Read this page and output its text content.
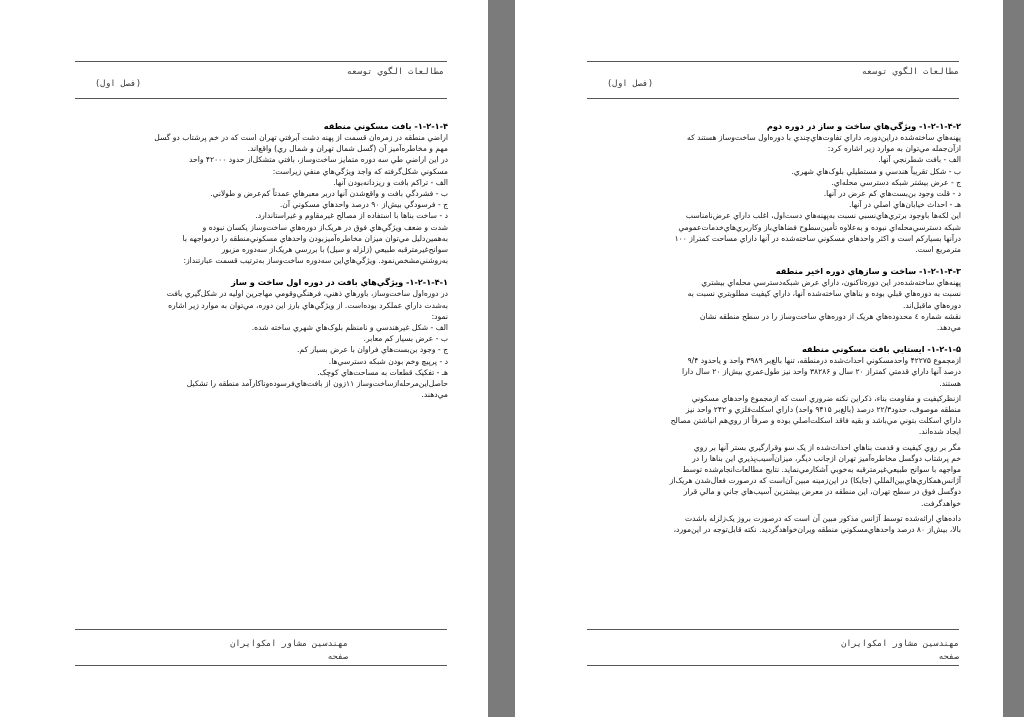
مطالعات الگوي توسعه
(فصل اول)
۱-۲-۱-۴- بافت مسکوني منطقه

اراضي منطقه در زمره‌ان قسمت از پهنه دشت آبرفتي تهران است که در خم پرشتاب دو گسل

مهم و مخاطره‌آميز آن (گسل شمال تهران و شمال ري) واقع‌اند.

در اين اراضي طي سه دوره متمايز ساخت‌وساز، بافتي متشکل‌از حدود ۴۲۰۰۰ واحد

مسکوني شکل‌گرفته که واجد ويژگي‌هاي منفي زيراست:

الف - تراکم بافت و ريزدانه‌بودن آنها.

ب - فشردگي بافت و واقع‌شدن آنها دربر معبرهاي عمدتاً کم‌عرض و طولاني.

ج - فرسودگي بيش‌از ۹۰ درصد واحدهاي مسکوني آن.

د - ساخت بناها با استفاده از مصالح غيرمقاوم و غيراستاندارد.

شدت و ضعف ويژگي‌هاي فوق در هريک‌از دوره‌هاي ساخت‌وساز يکسان نبوده و

به‌همين‌دليل مي‌توان ميزان مخاطره‌آميزبودن واحدهاي مسکوني‌منطقه را درمواجهه با

سوانح‌غيرمترقبه طبيعي (زلزله و سيل) با بررسي هريک‌از سه‌دوره مزبور

به‌روشني‌مشخص‌نمود. ويژگي‌هاي‌اين سه‌دوره ساخت‌وساز به‌ترتيب قسمت عبارتنداز:

۱-۲-۱-۴-۱- ويژگي‌هاي بافت در دوره اول ساخت و ساز

در دوره‌اول ساخت‌وساز، باورهاي ذهني، فرهنگي‌وقومي مهاجرين اوليه در شکل‌گيري بافت

به‌شدت داراي عملکرد بوده‌است. از ويژگي‌هاي بارز اين دوره، مي‌توان به موارد زير اشاره

نمود:

الف - شکل غيرهندسي و نامنظم بلوک‌هاي شهري ساخته شده.

ب - عرض بسيار کم معابر.

ج - وجود بن‌بست‌هاي فراوان با عرض بسيار کم.

د - پرپيچ وخم بودن شبکه دسترسي‌ها.

هـ - تفکيک قطعات به مساحت‌هاي کوچک.

حاصل‌اين‌مرحله‌ازساخت‌وساز ۱۱زون از بافت‌هاي‌فرسوده‌وناکارآمد منطقه را تشکيل

مي‌دهند.

مهندسين مشاور امکوايران
صفحه
مطالعات الگوي توسعه
(فصل اول)
۱-۲-۱-۴-۲- ويژگي‌هاي ساخت و ساز در دوره دوم

پهنه‌هاي ساخته‌شده دراين‌دوره، داراي تفاوت‌هاي‌چندي با دوره‌اول ساخت‌وساز هستند که

ازآن‌جمله مي‌توان به موارد زير اشاره کرد:

الف - بافت شطرنجي آنها.

ب - شکل تقريباً هندسي و مستطيلي بلوک‌هاي شهري.

ج - عرض بيشتر شبکه دسترسي محله‌اي.

د - قلت وجود بن‌بست‌هاي کم عرض در آنها.

هـ - احداث خيابان‌هاي اصلي در آنها.

اين لکه‌ها باوجود برتري‌هاي‌نسبي نسبت به‌پهنه‌هاي دست‌اول، اغلب داراي عرض‌نامناسب

شبکه دسترسي‌محله‌اي نبوده و به‌علاوه تأمين‌سطوح فضاهاي‌باز وکاربري‌هاي‌خدمات‌عمومي

درآنها بسيارکم است و اکثر واحدهاي مسکوني ساخته‌شده در آنها داراي مساحت کمتراز ۱۰۰

مترمربع است.

۱-۲-۱-۴-۳- ساخت و سازهاي دوره اخير منطقه

پهنه‌هاي ساخته‌شده‌در اين دوره‌تاکنون، داراي عرض شبکه‌دسترسي محله‌اي بيشتري

نسبت به دوره‌هاي قبلي بوده و بناهاي ساخته‌شده آنها، داراي کيفيت مطلوبتري نسبت به

دوره‌هاي ماقبل‌اند.

نقشه شماره ٤ محدوده‌هاي هريک از دوره‌هاي ساخت‌وساز را در سطح منطقه نشان

مي‌دهد.

۱-۲-۱-۵- ايستايي بافت مسکوني منطقه

ازمجموع ۴۲۲۷۵ واحدمسکوني احداث‌شده درمنطقه، تنها بالغ‌بر ۳۹۸۹ واحد و ياحدود ۹/۴

درصد آنها داراي قدمتي کمتراز ۲۰ سال و ۳۸۲۸۶ واحد نيز طول‌عمري بيش‌از ۲۰ سال دارا

هستند.

ازنظرکيفيت و مقاومت بناء، ذکراين نکته ضروري است که ازمجموع واحدهاي مسکوني

منطقه موصوف، حدود۲۲/۳ درصد (بالغ‌بر ۹۴۱۵ واحد) داراي اسکلت‌فلزي و ۲۴۲ واحد نيز

داراي اسکلت بتوني مي‌باشد و بقيه فاقد اسکلت‌اصلي بوده و صرفاً از روي‌هم انباشتن مصالح

ايجاد شده‌اند.

مگر بر روي کيفيت و قدمت بناهاي احداث‌شده از يک سو وقرارگيري بستر آنها بر روي

خم پرشتاب دوگسل مخاطره‌آميز تهران ازجانب ديگر، ميزان‌آسيب‌پذيري اين بناها را در

مواجهه با سوانح طبيعي‌غيرمترقبه به‌خوبي آشکارمي‌نمايد. نتايج مطالعات‌انجام‌شده توسط

آژانس‌همکاري‌هاي‌بين‌المللي (جايکا) در اين‌زمينه مبين آن‌است که درصورت فعال‌شدن هريک‌از

دوگسل فوق در سطح تهران، اين منطقه در معرض بيشترين آسيب‌هاي جاني و مالي قرار

خواهدگرفت.

داده‌هاي ارائه‌شده توسط آژانس مذکور مبين آن است که درصورت بروز يک‌زلزله با‌شدت

بالا، بيش‌از ۸۰ درصد واحدهاي‌مسکوني منطقه ويران‌خواهدگرديد. نکته قابل‌توجه در اين‌مورد،

مهندسين مشاور امکوايران
صفحه
